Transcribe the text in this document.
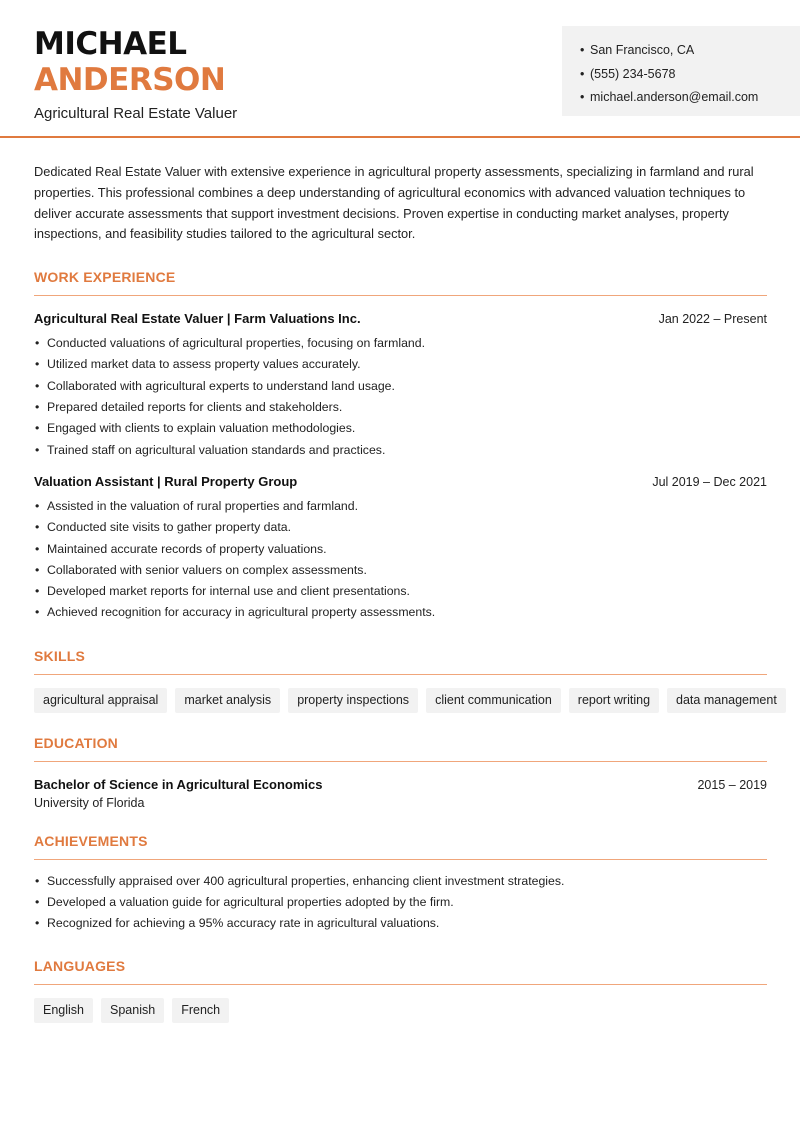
MICHAEL
ANDERSON
Agricultural Real Estate Valuer
• San Francisco, CA
• (555) 234-5678
• michael.anderson@email.com

Dedicated Real Estate Valuer with extensive experience in agricultural property assessments, specializing in farmland and rural properties. This professional combines a deep understanding of agricultural economics with advanced valuation techniques to deliver accurate assessments that support investment decisions. Proven expertise in conducting market analyses, property inspections, and feasibility studies tailored to the agricultural sector.

WORK EXPERIENCE
Agricultural Real Estate Valuer | Farm Valuations Inc.	Jan 2022 – Present
• Conducted valuations of agricultural properties, focusing on farmland.
• Utilized market data to assess property values accurately.
• Collaborated with agricultural experts to understand land usage.
• Prepared detailed reports for clients and stakeholders.
• Engaged with clients to explain valuation methodologies.
• Trained staff on agricultural valuation standards and practices.
Valuation Assistant | Rural Property Group	Jul 2019 – Dec 2021
• Assisted in the valuation of rural properties and farmland.
• Conducted site visits to gather property data.
• Maintained accurate records of property valuations.
• Collaborated with senior valuers on complex assessments.
• Developed market reports for internal use and client presentations.
• Achieved recognition for accuracy in agricultural property assessments.
SKILLS
agricultural appraisal	market analysis	property inspections	client communication	report writing	data management
EDUCATION
Bachelor of Science in Agricultural Economics	2015 – 2019
University of Florida
ACHIEVEMENTS
• Successfully appraised over 400 agricultural properties, enhancing client investment strategies.
• Developed a valuation guide for agricultural properties adopted by the firm.
• Recognized for achieving a 95% accuracy rate in agricultural valuations.
LANGUAGES
English	Spanish	French
